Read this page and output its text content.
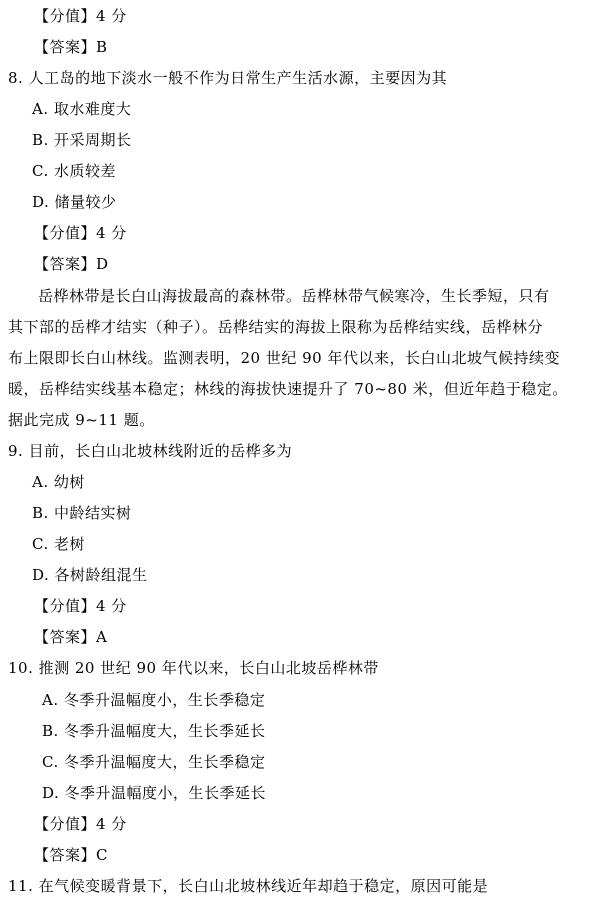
【分值】4 分
【答案】B
8. 人工岛的地下淡水一般不作为日常生产生活水源，主要因为其
A. 取水难度大
B. 开采周期长
C. 水质较差
D. 储量较少
【分值】4 分
【答案】D
岳桦林带是长白山海拔最高的森林带。岳桦林带气候寒冷，生长季短，只有
其下部的岳桦才结实（种子）。岳桦结实的海拔上限称为岳桦结实线，岳桦林分
布上限即长白山林线。监测表明，20 世纪 90 年代以来，长白山北坡气候持续变
暖，岳桦结实线基本稳定；林线的海拔快速提升了 70~80 米，但近年趋于稳定。
据此完成 9~11 题。
9. 目前，长白山北坡林线附近的岳桦多为
A. 幼树
B. 中龄结实树
C. 老树
D. 各树龄组混生
【分值】4 分
【答案】A
10. 推测 20 世纪 90 年代以来，长白山北坡岳桦林带
A. 冬季升温幅度小，生长季稳定
B. 冬季升温幅度大，生长季延长
C. 冬季升温幅度大，生长季稳定
D. 冬季升温幅度小，生长季延长
【分值】4 分
【答案】C
11. 在气候变暖背景下，长白山北坡林线近年却趋于稳定，原因可能是
